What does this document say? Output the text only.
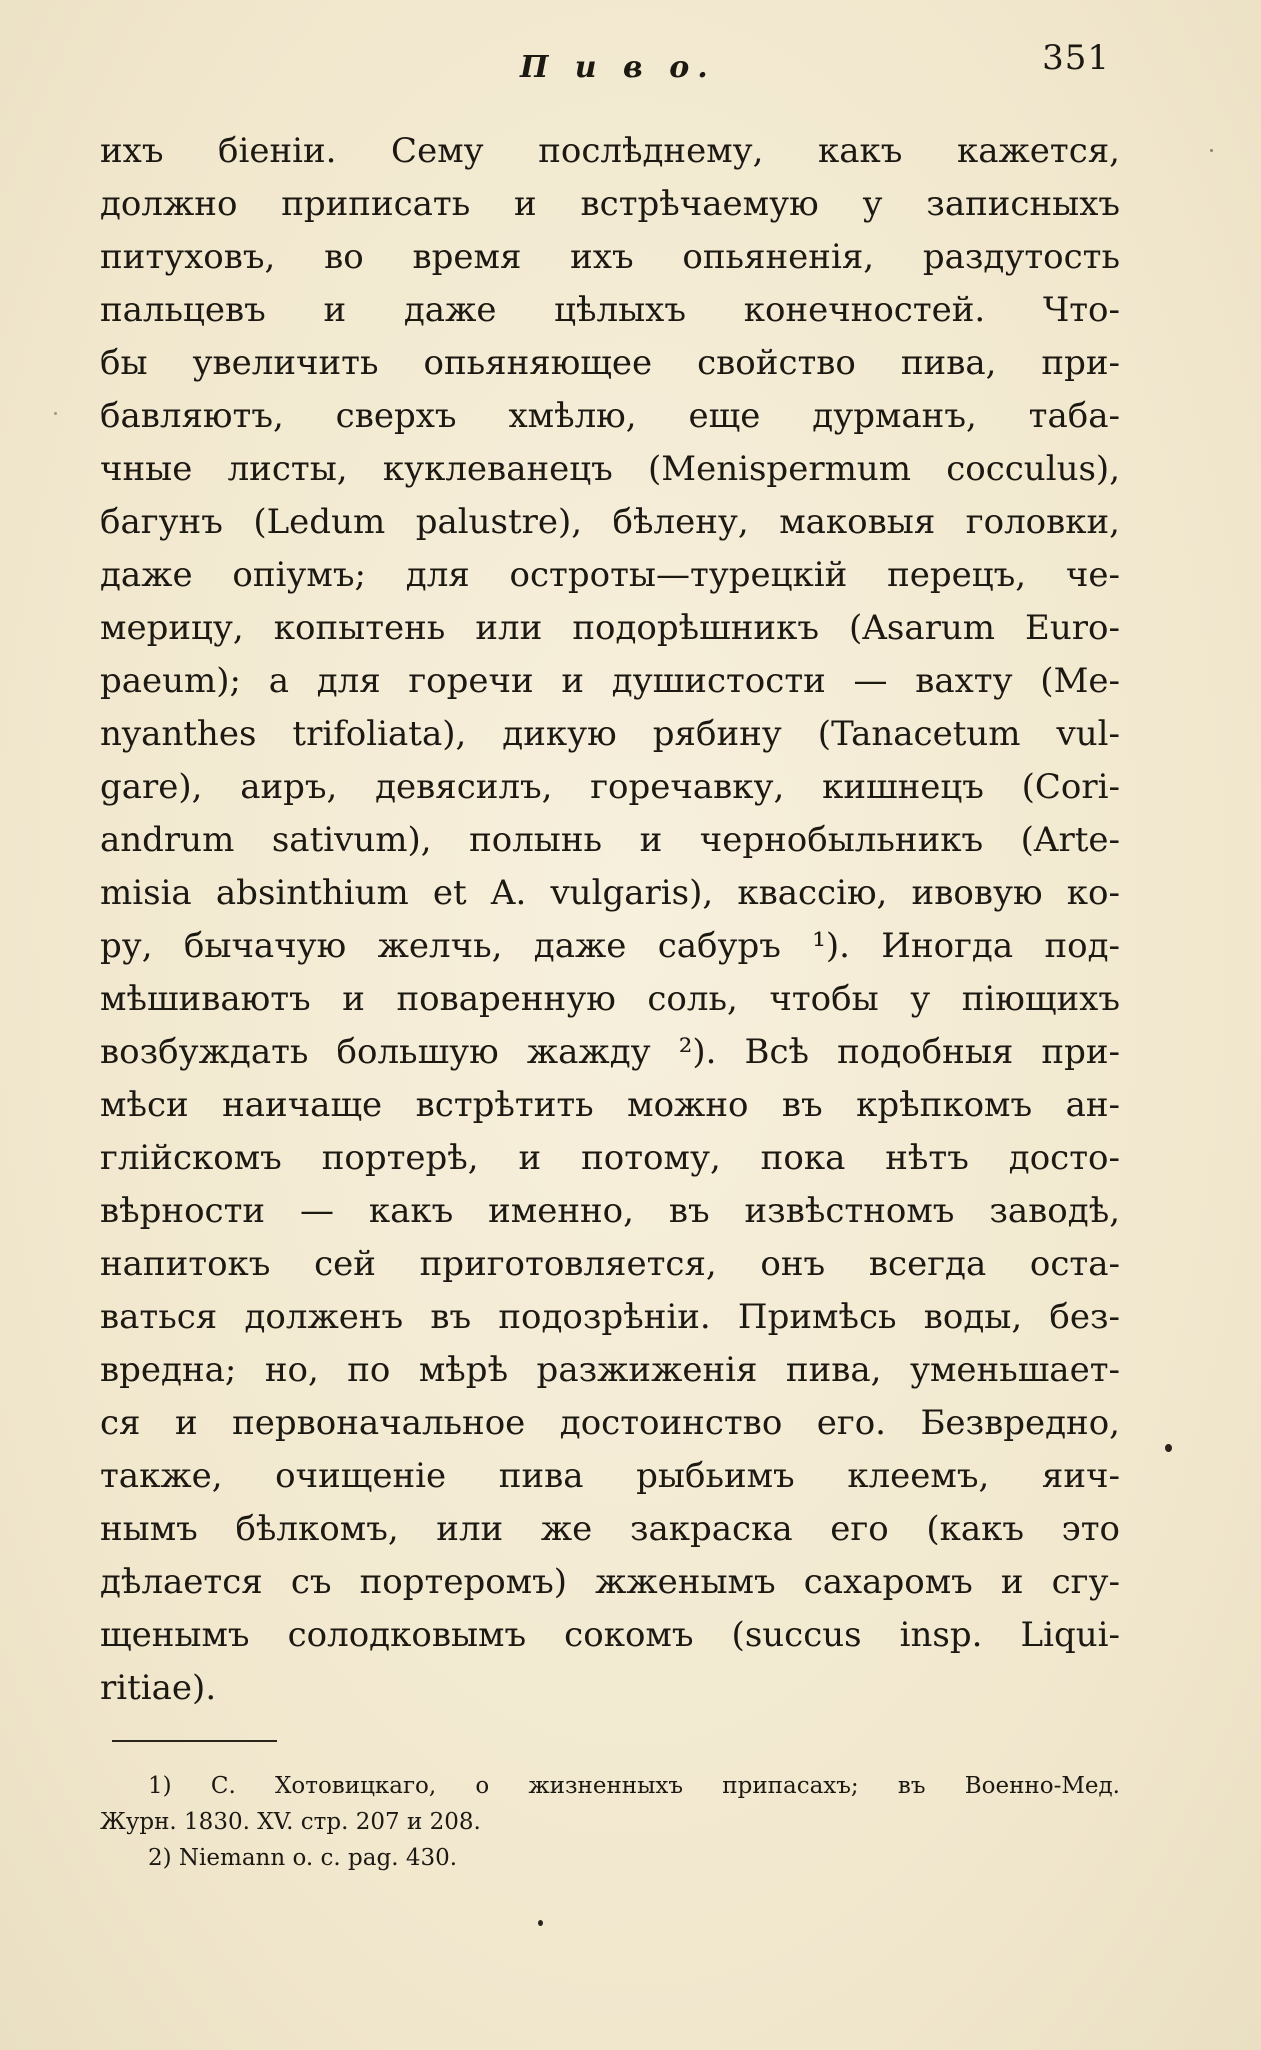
П и в о.	351
ихъ біеніи. Сему послѣднему, какъ кажется,
должно приписать и встрѣчаемую у записныхъ
питуховъ, во время ихъ опьяненія, раздутость
пальцевъ и даже цѣлыхъ конечностей. Что-
бы увеличить опьяняющее свойство пива, при-
бавляютъ, сверхъ хмѣлю, еще дурманъ, таба-
чные листы, куклеванецъ (Menispermum cocculus),
багунъ (Ledum palustre), бѣлену, маковыя головки,
даже опіумъ; для остроты—турецкій перецъ, че-
мерицу, копытень или подорѣшникъ (Asarum Euro-
paeum); а для горечи и душистости — вахту (Me-
nyanthes trifoliata), дикую рябину (Tanacetum vul-
gare), аиръ, девясилъ, горечавку, кишнецъ (Cori-
andrum sativum), полынь и чернобыльникъ (Arte-
misia absinthium et A. vulgaris), квассію, ивовую ко-
ру, бычачую желчь, даже сабуръ ¹). Иногда под-
мѣшиваютъ и поваренную соль, чтобы у піющихъ
возбуждать большую жажду ²). Всѣ подобныя при-
мѣси наичаще встрѣтить можно въ крѣпкомъ ан-
глійскомъ портерѣ, и потому, пока нѣтъ досто-
вѣрности — какъ именно, въ извѣстномъ заводѣ,
напитокъ сей приготовляется, онъ всегда оста-
ваться долженъ въ подозрѣніи. Примѣсь воды, без-
вредна; но, по мѣрѣ разжиженія пива, уменьшает-
ся и первоначальное достоинство его. Безвредно,
также, очищеніе пива рыбьимъ клеемъ, яич-
нымъ бѣлкомъ, или же закраска его (какъ это
дѣлается съ портеромъ) жженымъ сахаромъ и сгу-
щенымъ солодковымъ сокомъ (succus insp. Liqui-
ritiae).
1) С. Хотовицкаго, о жизненныхъ припасахъ; въ Военно-Мед.
Журн. 1830. XV. стр. 207 и 208.
2) Niemann o. c. pag. 430.
